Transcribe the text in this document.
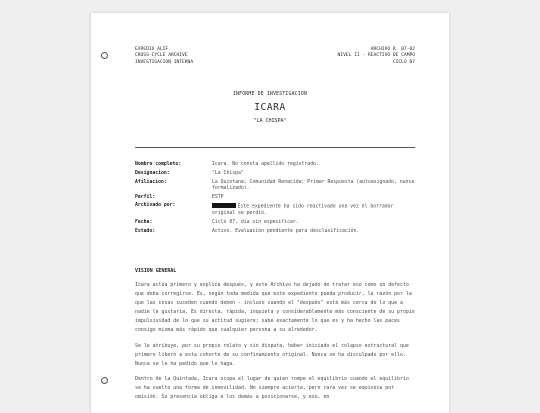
EXPEDIO ALIF
CROSS-CYCLE ARCHIVE
INVESTIGACION INTERNA
ARCHIVO R. 07-02
NIVEL II - REACTIVO DE CAMPO
CICLO 07
INFORME DE INVESTIGACION
ICARA
"LA CHISPA"
Nombre completo:	Icara. No consta apellido registrado.
Designacion:	"La Chispa"
Afiliacion:	La Quintana; Comunidad Renacida; Primer Respuesta (autoasignado, nunca formalizado).
Perfil:	ESTP
Archivado por:	Este expediente ha sido reactivado una vez el borrador original se perdió.
Fecha:	Ciclo 07, día sin especificar.
Estado:	Activo. Evaluación pendiente para desclasificación.
VISION GENERAL
Icara actúa primero y explica después, y este Archivo ha dejado de tratar eso como un defecto que deba corregirse. Es, según toda medida que este expediente pueda producir, la razón por la que las cosas suceden cuando deben - incluso cuando el "después" está más cerca de lo que a nadie le gustaría. Es directa, rápida, inquieta y considerablemente más consciente de su propio impulsividad de lo que su actitud sugiere; sabe exactamente lo que es y ha hecho las paces consigo misma más rápido que cualquier persona a su alrededor.
Se le atribuye, por su propio relato y sin disputa, haber iniciado el colapso estructural que primero liberó a esta cohorte de su confinamiento original. Nunca se ha disculpado por ello. Nunca se le ha pedido que lo haga.
Dentro de la Quintada, Icara ocupa el lugar de quien rompe el equilibrio cuando el equilibrio se ha vuelto una forma de inmovilidad. No siempre acierta, pero rara vez se equivoca por omisión. Su presencia obliga a los demás a posicionarse, y eso, en
